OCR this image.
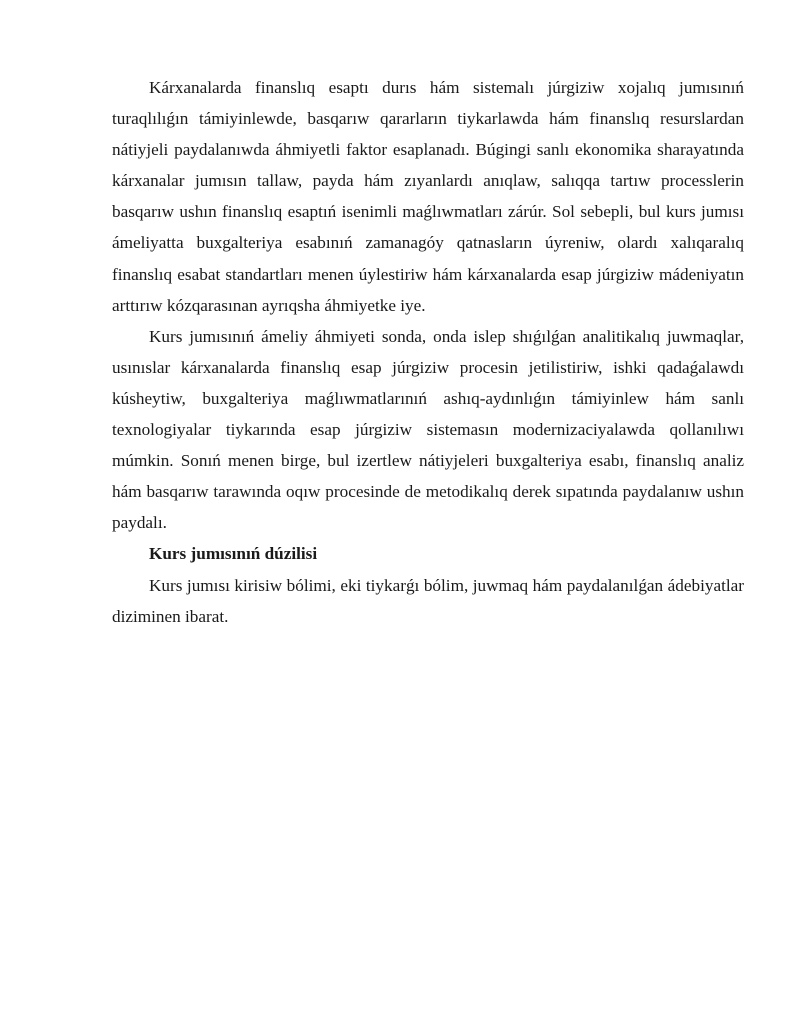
Kárxanalarda finanslıq esaptı durıs hám sistemalı júrgiziw xojalıq jumısınıń turaqlılıǵın támiyinlewde, basqarıw qararların tiykarlawda hám finanslıq resurslardan nátiyjeli paydalanıwda áhmiyetli faktor esaplanadı. Búgingi sanlı ekonomika sharayatında kárxanalar jumısın tallaw, payda hám zıyanlardı anıqlaw, salıqqa tartıw processlerin basqarıw ushın finanslıq esaptıń isenimli maǵlıwmatları zárúr. Sol sebepli, bul kurs jumısı ámeliyatta buxgalteriya esabınıń zamanagóy qatnasların úyreniw, olardı xalıqaralıq finanslıq esabat standartları menen úylestiriw hám kárxanalarda esap júrgiziw mádeniyatın arttırıw kózqarasınan ayrıqsha áhmiyetke iye.

Kurs jumısınıń ámeliy áhmiyeti sonda, onda islep shıǵılǵan analitikalıq juwmaqlar, usınıslar kárxanalarda finanslıq esap júrgiziw procesin jetilistiriw, ishki qadaǵalawdı kúsheytiw, buxgalteriya maǵlıwmatlarınıń ashıq-aydınlıǵın támiyinlew hám sanlı texnologiyalar tiykarında esap júrgiziw sistemasın modernizaciyalawda qollanılıwı múmkin. Sonıń menen birge, bul izertlew nátiyjeleri buxgalteriya esabı, finanslıq analiz hám basqarıw tarawında oqıw procesinde de metodikalıq derek sıpatında paydalanıw ushın paydalı.

Kurs jumısınıń dúzilisi

Kurs jumısı kirisiw bólimi, eki tiykarǵı bólim, juwmaq hám paydalanılǵan ádebiyatlar diziminen ibarat.
